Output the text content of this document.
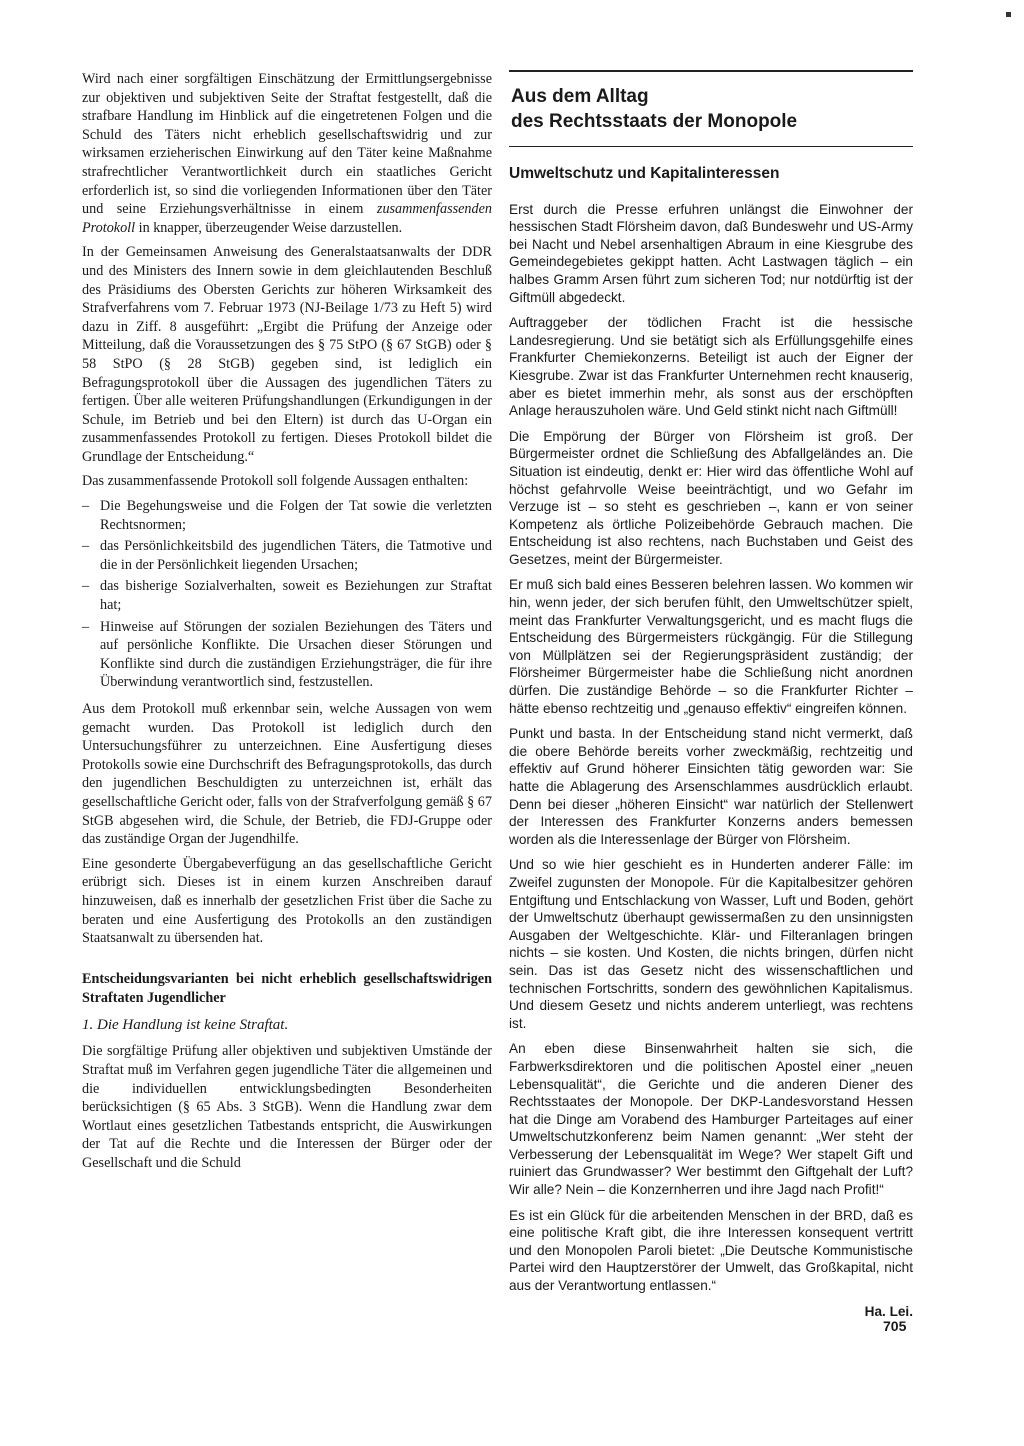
Wird nach einer sorgfältigen Einschätzung der Ermittlungsergebnisse zur objektiven und subjektiven Seite der Straftat festgestellt, daß die strafbare Handlung im Hinblick auf die eingetretenen Folgen und die Schuld des Täters nicht erheblich gesellschaftswidrig und zur wirksamen erzieherischen Einwirkung auf den Täter keine Maßnahme strafrechtlicher Verantwortlichkeit durch ein staatliches Gericht erforderlich ist, so sind die vorliegenden Informationen über den Täter und seine Erziehungsverhältnisse in einem zusammenfassenden Protokoll in knapper, überzeugender Weise darzustellen.

In der Gemeinsamen Anweisung des Generalstaatsanwalts der DDR und des Ministers des Innern sowie in dem gleichlautenden Beschluß des Präsidiums des Obersten Gerichts zur höheren Wirksamkeit des Strafverfahrens vom 7. Februar 1973 (NJ-Beilage 1/73 zu Heft 5) wird dazu in Ziff. 8 ausgeführt: „Ergibt die Prüfung der Anzeige oder Mitteilung, daß die Voraussetzungen des § 75 StPO (§ 67 StGB) oder § 58 StPO (§ 28 StGB) gegeben sind, ist lediglich ein Befragungsprotokoll über die Aussagen des jugendlichen Täters zu fertigen. Über alle weiteren Prüfungshandlungen (Erkundigungen in der Schule, im Betrieb und bei den Eltern) ist durch das U-Organ ein zusammenfassendes Protokoll zu fertigen. Dieses Protokoll bildet die Grundlage der Entscheidung.“

Das zusammenfassende Protokoll soll folgende Aussagen enthalten:

– Die Begehungsweise und die Folgen der Tat sowie die verletzten Rechtsnormen;
– das Persönlichkeitsbild des jugendlichen Täters, die Tatmotive und die in der Persönlichkeit liegenden Ursachen;
– das bisherige Sozialverhalten, soweit es Beziehungen zur Straftat hat;
– Hinweise auf Störungen der sozialen Beziehungen des Täters und auf persönliche Konflikte. Die Ursachen dieser Störungen und Konflikte sind durch die zuständigen Erziehungsträger, die für ihre Überwindung verantwortlich sind, festzustellen.

Aus dem Protokoll muß erkennbar sein, welche Aussagen von wem gemacht wurden. Das Protokoll ist lediglich durch den Untersuchungsführer zu unterzeichnen. Eine Ausfertigung dieses Protokolls sowie eine Durchschrift des Befragungsprotokolls, das durch den jugendlichen Beschuldigten zu unterzeichnen ist, erhält das gesellschaftliche Gericht oder, falls von der Strafverfolgung gemäß § 67 StGB abgesehen wird, die Schule, der Betrieb, die FDJ-Gruppe oder das zuständige Organ der Jugendhilfe.

Eine gesonderte Übergabeverfügung an das gesellschaftliche Gericht erübrigt sich. Dieses ist in einem kurzen Anschreiben darauf hinzuweisen, daß es innerhalb der gesetzlichen Frist über die Sache zu beraten und eine Ausfertigung des Protokolls an den zuständigen Staatsanwalt zu übersenden hat.

Entscheidungsvarianten bei nicht erheblich gesellschaftswidrigen Straftaten Jugendlicher
1. Die Handlung ist keine Straftat.

Die sorgfältige Prüfung aller objektiven und subjektiven Umstände der Straftat muß im Verfahren gegen jugendliche Täter die allgemeinen und die individuellen entwicklungsbedingten Besonderheiten berücksichtigen (§ 65 Abs. 3 StGB). Wenn die Handlung zwar dem Wortlaut eines gesetzlichen Tatbestands entspricht, die Auswirkungen der Tat auf die Rechte und die Interessen der Bürger oder der Gesellschaft und die Schuld

Aus dem Alltag
des Rechtsstaats der Monopole
Umweltschutz und Kapitalinteressen

Erst durch die Presse erfuhren unlängst die Einwohner der hessischen Stadt Flörsheim davon, daß Bundeswehr und US-Army bei Nacht und Nebel arsenhaltigen Abraum in eine Kiesgrube des Gemeindegebietes gekippt hatten. Acht Lastwagen täglich – ein halbes Gramm Arsen führt zum sicheren Tod; nur notdürftig ist der Giftmüll abgedeckt.

Auftraggeber der tödlichen Fracht ist die hessische Landesregierung. Und sie betätigt sich als Erfüllungsgehilfe eines Frankfurter Chemiekonzerns. Beteiligt ist auch der Eigner der Kiesgrube. Zwar ist das Frankfurter Unternehmen recht knauserig, aber es bietet immerhin mehr, als sonst aus der erschöpften Anlage herauszuholen wäre. Und Geld stinkt nicht nach Giftmüll!

Die Empörung der Bürger von Flörsheim ist groß. Der Bürgermeister ordnet die Schließung des Abfallgeländes an. Die Situation ist eindeutig, denkt er: Hier wird das öffentliche Wohl auf höchst gefahrvolle Weise beeinträchtigt, und wo Gefahr im Verzuge ist – so steht es geschrieben –, kann er von seiner Kompetenz als örtliche Polizeibehörde Gebrauch machen. Die Entscheidung ist also rechtens, nach Buchstaben und Geist des Gesetzes, meint der Bürgermeister.

Er muß sich bald eines Besseren belehren lassen. Wo kommen wir hin, wenn jeder, der sich berufen fühlt, den Umweltschützer spielt, meint das Frankfurter Verwaltungsgericht, und es macht flugs die Entscheidung des Bürgermeisters rückgängig. Für die Stillegung von Müllplätzen sei der Regierungspräsident zuständig; der Flörsheimer Bürgermeister habe die Schließung nicht anordnen dürfen. Die zuständige Behörde – so die Frankfurter Richter – hätte ebenso rechtzeitig und „genauso effektiv“ eingreifen können.

Punkt und basta. In der Entscheidung stand nicht vermerkt, daß die obere Behörde bereits vorher zweckmäßig, rechtzeitig und effektiv auf Grund höherer Einsichten tätig geworden war: Sie hatte die Ablagerung des Arsenschlammes ausdrücklich erlaubt. Denn bei dieser „höheren Einsicht“ war natürlich der Stellenwert der Interessen des Frankfurter Konzerns anders bemessen worden als die Interessenlage der Bürger von Flörsheim.

Und so wie hier geschieht es in Hunderten anderer Fälle: im Zweifel zugunsten der Monopole. Für die Kapitalbesitzer gehören Entgiftung und Entschlackung von Wasser, Luft und Boden, gehört der Umweltschutz überhaupt gewissermaßen zu den unsinnigsten Ausgaben der Weltgeschichte. Klär- und Filteranlagen bringen nichts – sie kosten. Und Kosten, die nichts bringen, dürfen nicht sein. Das ist das Gesetz nicht des wissenschaftlichen und technischen Fortschritts, sondern des gewöhnlichen Kapitalismus. Und diesem Gesetz und nichts anderem unterliegt, was rechtens ist.

An eben diese Binsenwahrheit halten sie sich, die Farbwerksdirektoren und die politischen Apostel einer „neuen Lebensqualität“, die Gerichte und die anderen Diener des Rechtsstaates der Monopole. Der DKP-Landesvorstand Hessen hat die Dinge am Vorabend des Hamburger Parteitages auf einer Umweltschutzkonferenz beim Namen genannt: „Wer steht der Verbesserung der Lebensqualität im Wege? Wer stapelt Gift und ruiniert das Grundwasser? Wer bestimmt den Giftgehalt der Luft? Wir alle? Nein – die Konzernherren und ihre Jagd nach Profit!“

Es ist ein Glück für die arbeitenden Menschen in der BRD, daß es eine politische Kraft gibt, die ihre Interessen konsequent vertritt und den Monopolen Paroli bietet: „Die Deutsche Kommunistische Partei wird den Hauptzerstörer der Umwelt, das Großkapital, nicht aus der Verantwortung entlassen.“

Ha. Lei.
705
